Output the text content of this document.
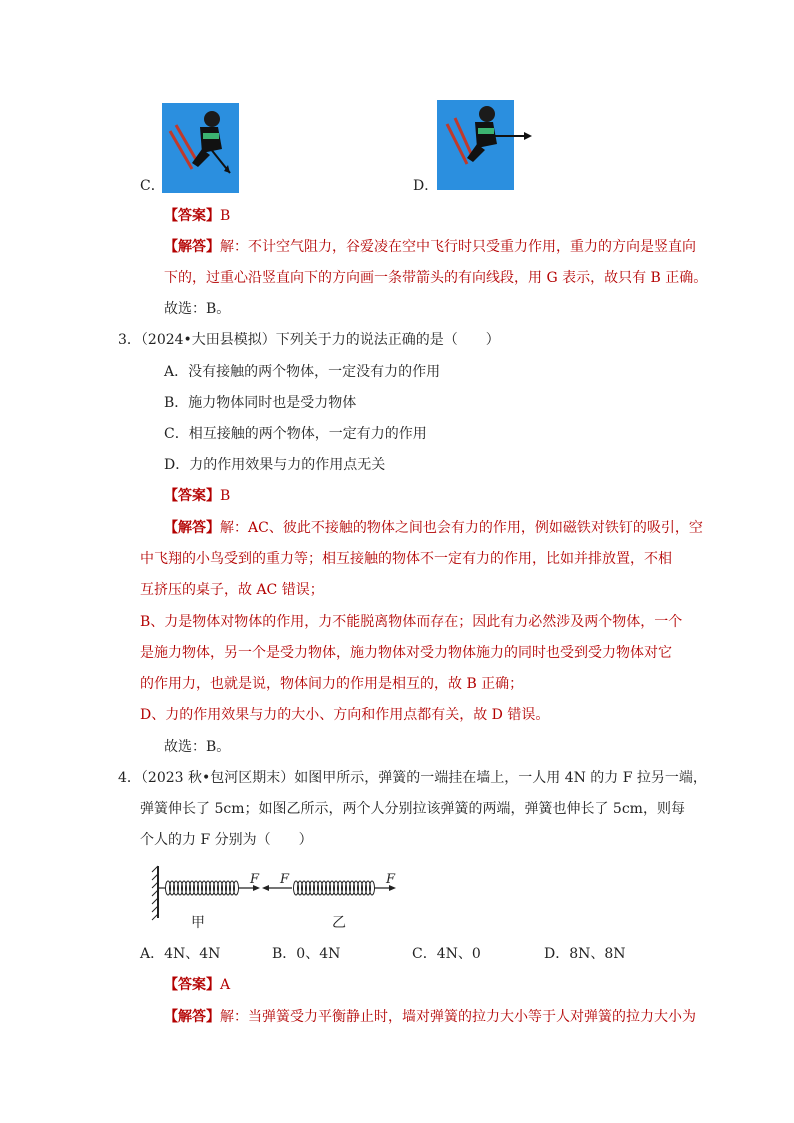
C．	D．
【答案】B
【解答】解：不计空气阻力，谷爱凌在空中飞行时只受重力作用，重力的方向是竖直向
下的，过重心沿竖直向下的方向画一条带箭头的有向线段，用 G 表示，故只有 B 正确。
故选：B。
3．（2024•大田县模拟）下列关于力的说法正确的是（　　）
A．没有接触的两个物体，一定没有力的作用
B．施力物体同时也是受力物体
C．相互接触的两个物体，一定有力的作用
D．力的作用效果与力的作用点无关
【答案】B
【解答】解：AC、彼此不接触的物体之间也会有力的作用，例如磁铁对铁钉的吸引，空
中飞翔的小鸟受到的重力等；相互接触的物体不一定有力的作用，比如并排放置，不相
互挤压的桌子，故 AC 错误；
B、力是物体对物体的作用，力不能脱离物体而存在；因此有力必然涉及两个物体，一个
是施力物体，另一个是受力物体，施力物体对受力物体施力的同时也受到受力物体对它
的作用力，也就是说，物体间力的作用是相互的，故 B 正确；
D、力的作用效果与力的大小、方向和作用点都有关，故 D 错误。
故选：B。
4．（2023 秋•包河区期末）如图甲所示，弹簧的一端挂在墙上，一人用 4N 的力 F 拉另一端，
弹簧伸长了 5cm；如图乙所示，两个人分别拉该弹簧的两端，弹簧也伸长了 5cm，则每
个人的力 F 分别为（　　）
F F	F
甲	乙
A．4N、4N	B．0、4N	C．4N、0	D．8N、8N
【答案】A
【解答】解：当弹簧受力平衡静止时，墙对弹簧的拉力大小等于人对弹簧的拉力大小为
